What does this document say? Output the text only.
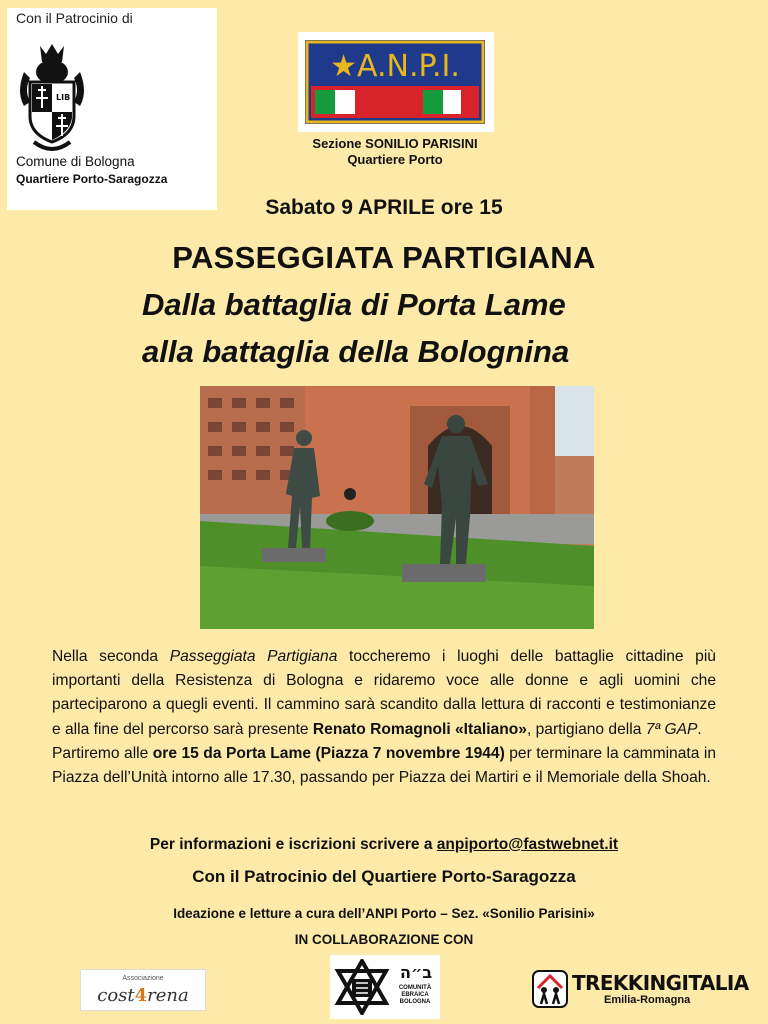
Con il Patrocinio di
LIB
Comune di Bologna
Quartiere Porto-Saragozza
★A.N.P.I.
Sezione SONILIO PARISINI
Quartiere Porto
Sabato 9 APRILE ore 15
PASSEGGIATA PARTIGIANA
Dalla battaglia di Porta Lame
alla battaglia della Bolognina

Nella seconda Passeggiata Partigiana toccheremo i luoghi delle battaglie cittadine più importanti della Resistenza di Bologna e ridaremo voce alle donne e agli uomini che parteciparono a quegli eventi. Il cammino sarà scandito dalla lettura di racconti e testimonianze e alla fine del percorso sarà presente Renato Romagnoli «Italiano», partigiano della 7ª GAP.

Partiremo alle ore 15 da Porta Lame (Piazza 7 novembre 1944) per terminare la camminata in Piazza dell’Unità intorno alle 17.30, passando per Piazza dei Martiri e il Memoriale della Shoah.

Per informazioni e iscrizioni scrivere a anpiporto@fastwebnet.it
Con il Patrocinio del Quartiere Porto-Saragozza
Ideazione e letture a cura dell’ANPI Porto – Sez. «Sonilio Parisini»
IN COLLABORAZIONE CON
Associazione
cost4rena
ב״ה
COMUNITÀ EBRAICA BOLOGNA
TREKKINGITALIA
Emilia-Romagna
